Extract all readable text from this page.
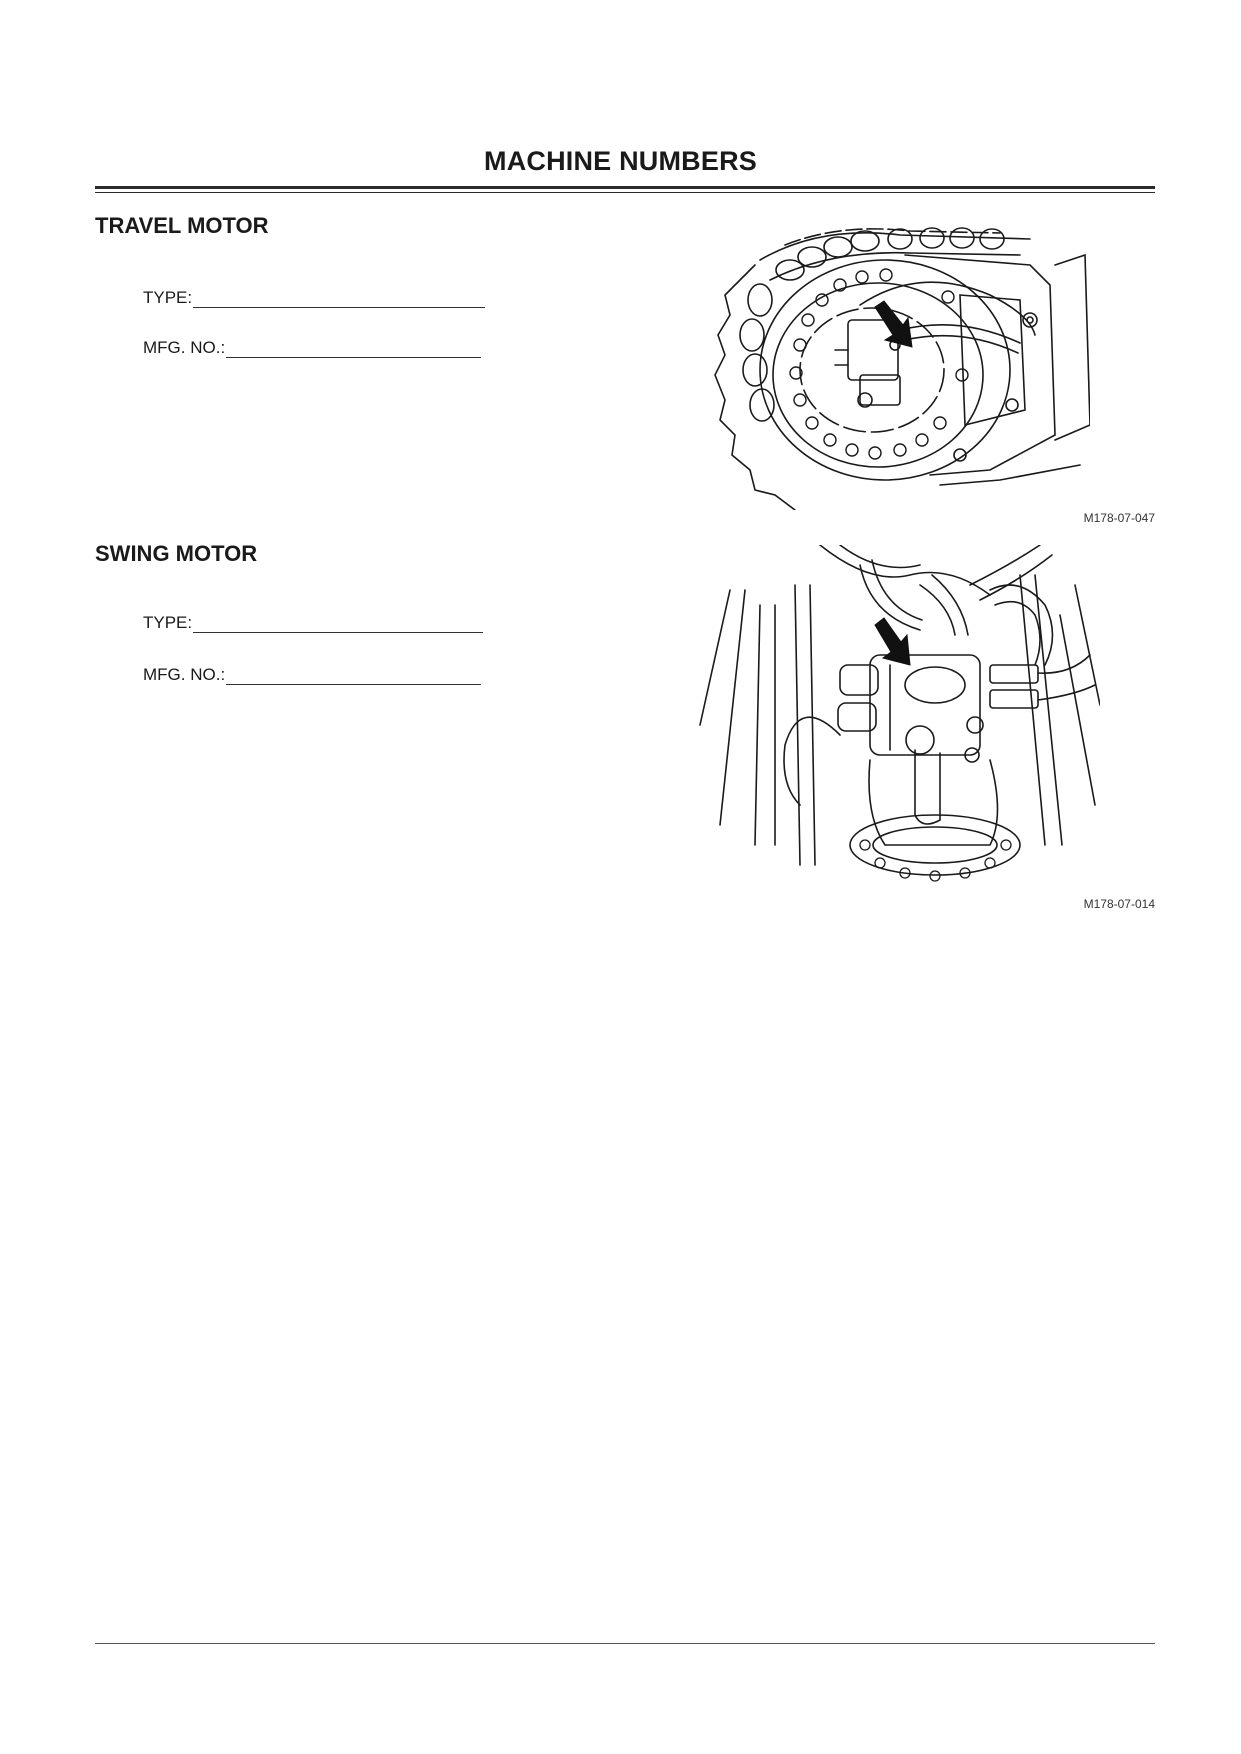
MACHINE NUMBERS
TRAVEL MOTOR
TYPE:
MFG. NO.:
M178-07-047
SWING MOTOR
TYPE:
MFG. NO.:
M178-07-014
